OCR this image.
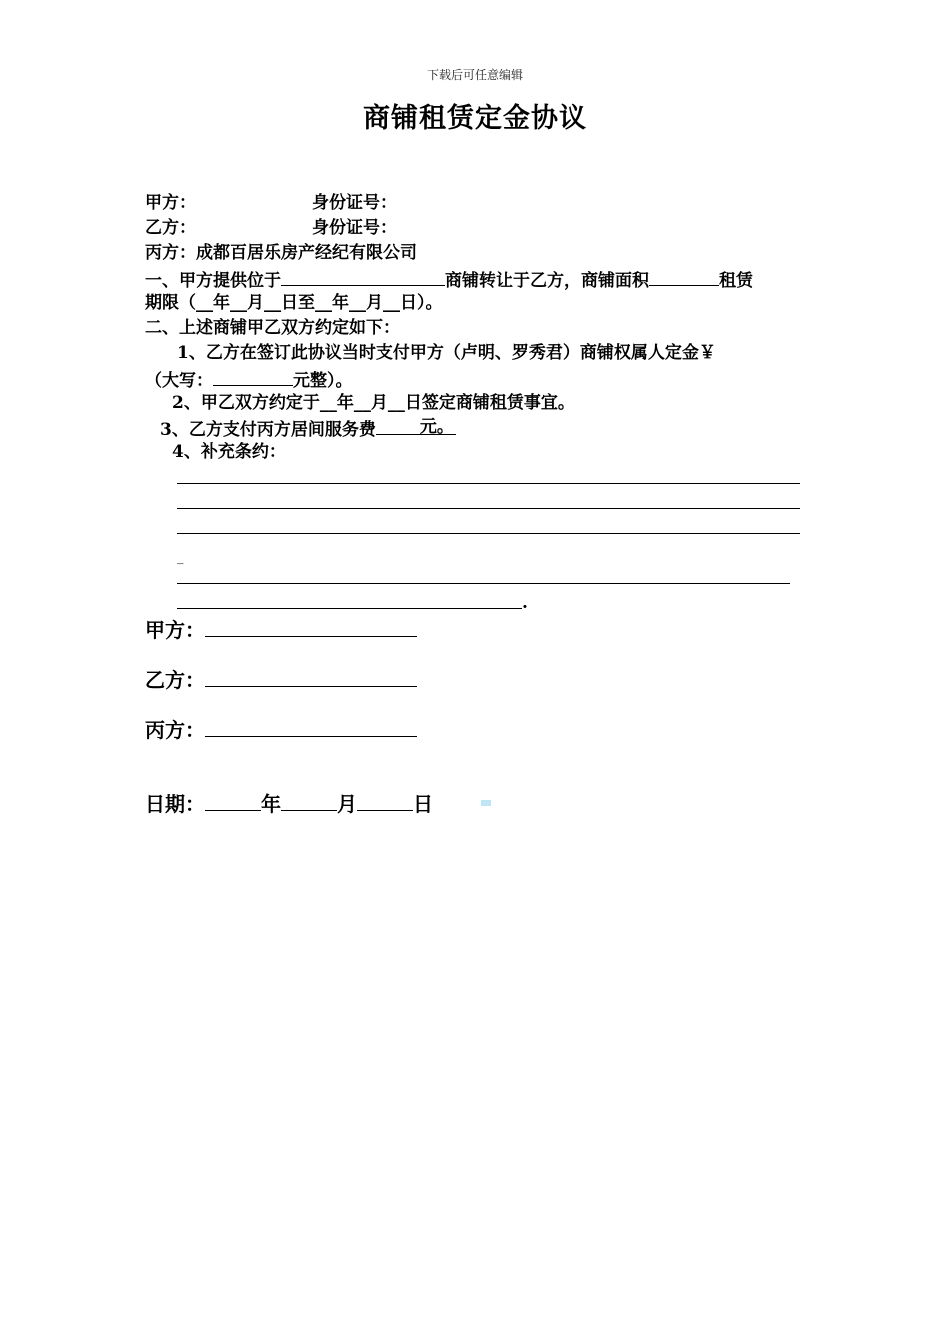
下载后可任意编辑
商铺租赁定金协议
甲方：	身份证号：
乙方：	身份证号：
丙方：成都百居乐房产经纪有限公司
一、甲方提供位于	商铺转让于乙方，商铺面积	租赁
期限（__年__月__日至__年__月__日）。
二、上述商铺甲乙双方约定如下：
1、乙方在签订此协议当时支付甲方（卢明、罗秀君）商铺权属人定金￥
（大写：	元整）。
2、甲乙双方约定于__年__月__日签定商铺租赁事宜。
3、乙方支付丙方居间服务费	元。
4、补充条约：
_
.
甲方：
乙方：
丙方：
日期：	年	月	日
